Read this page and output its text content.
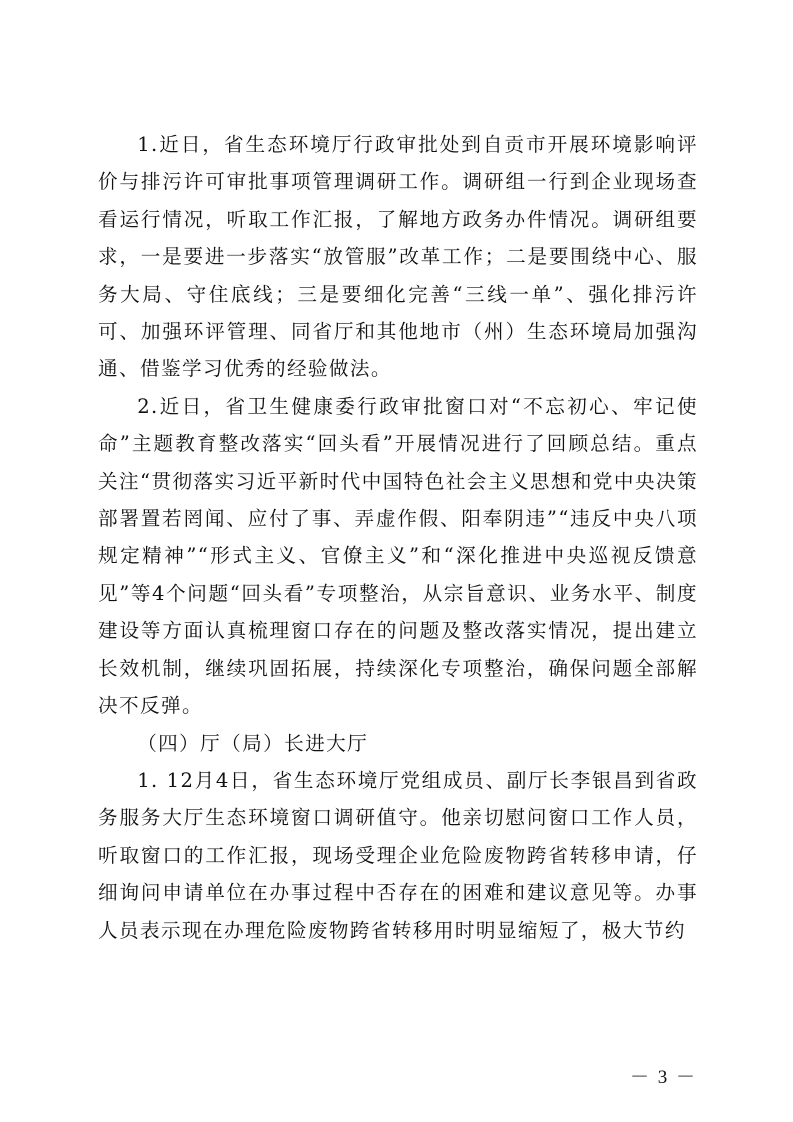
1.近日，省生态环境厅行政审批处到自贡市开展环境影响评价与排污许可审批事项管理调研工作。调研组一行到企业现场查看运行情况，听取工作汇报，了解地方政务办件情况。调研组要求，一是要进一步落实“放管服”改革工作；二是要围绕中心、服务大局、守住底线；三是要细化完善“三线一单”、强化排污许可、加强环评管理、同省厅和其他地市（州）生态环境局加强沟通、借鉴学习优秀的经验做法。

2.近日，省卫生健康委行政审批窗口对“不忘初心、牢记使命”主题教育整改落实“回头看”开展情况进行了回顾总结。重点关注“贯彻落实习近平新时代中国特色社会主义思想和党中央决策部署置若罔闻、应付了事、弄虚作假、阳奉阴违”“违反中央八项规定精神”“形式主义、官僚主义”和“深化推进中央巡视反馈意见”等4个问题“回头看”专项整治，从宗旨意识、业务水平、制度建设等方面认真梳理窗口存在的问题及整改落实情况，提出建立长效机制，继续巩固拓展，持续深化专项整治，确保问题全部解决不反弹。

（四）厅（局）长进大厅

1. 12月4日，省生态环境厅党组成员、副厅长李银昌到省政务服务大厅生态环境窗口调研值守。他亲切慰问窗口工作人员，听取窗口的工作汇报，现场受理企业危险废物跨省转移申请，仔细询问申请单位在办事过程中否存在的困难和建议意见等。办事人员表示现在办理危险废物跨省转移用时明显缩短了，极大节约

－ 3 －
